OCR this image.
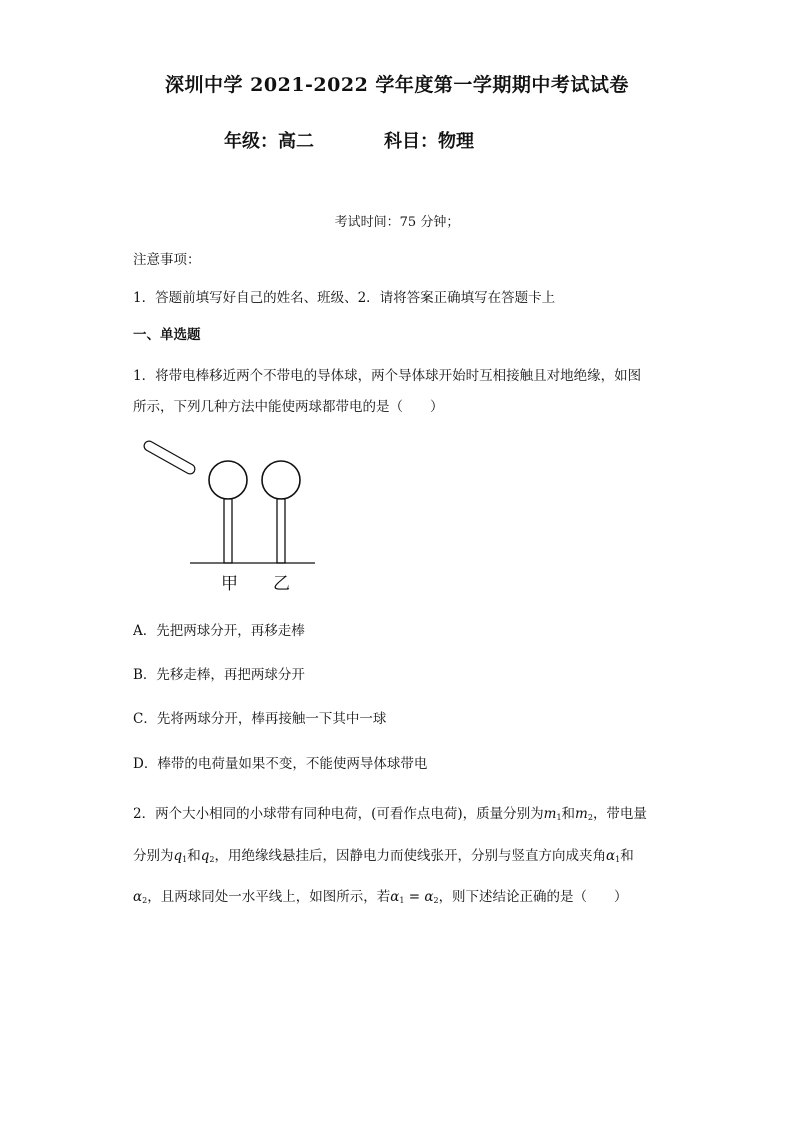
深圳中学 2021-2022 学年度第一学期期中考试试卷
年级：高二	科目：物理
考试时间：75 分钟；
注意事项：
1．答题前填写好自己的姓名、班级、2．请将答案正确填写在答题卡上
一、单选题
1．将带电棒移近两个不带电的导体球，两个导体球开始时互相接触且对地绝缘，如图
所示，下列几种方法中能使两球都带电的是（　　）
甲 乙
A．先把两球分开，再移走棒
B．先移走棒，再把两球分开
C．先将两球分开，棒再接触一下其中一球
D．棒带的电荷量如果不变，不能使两导体球带电
2．两个大小相同的小球带有同种电荷，(可看作点电荷)，质量分别为$m_1$和$m_2$，带电量
分别为$q_1$和$q_2$，用绝缘线悬挂后，因静电力而使线张开，分别与竖直方向成夹角$\alpha_1$和
$\alpha_2$，且两球同处一水平线上，如图所示，若$\alpha_1 = \alpha_2$，则下述结论正确的是（　　）
